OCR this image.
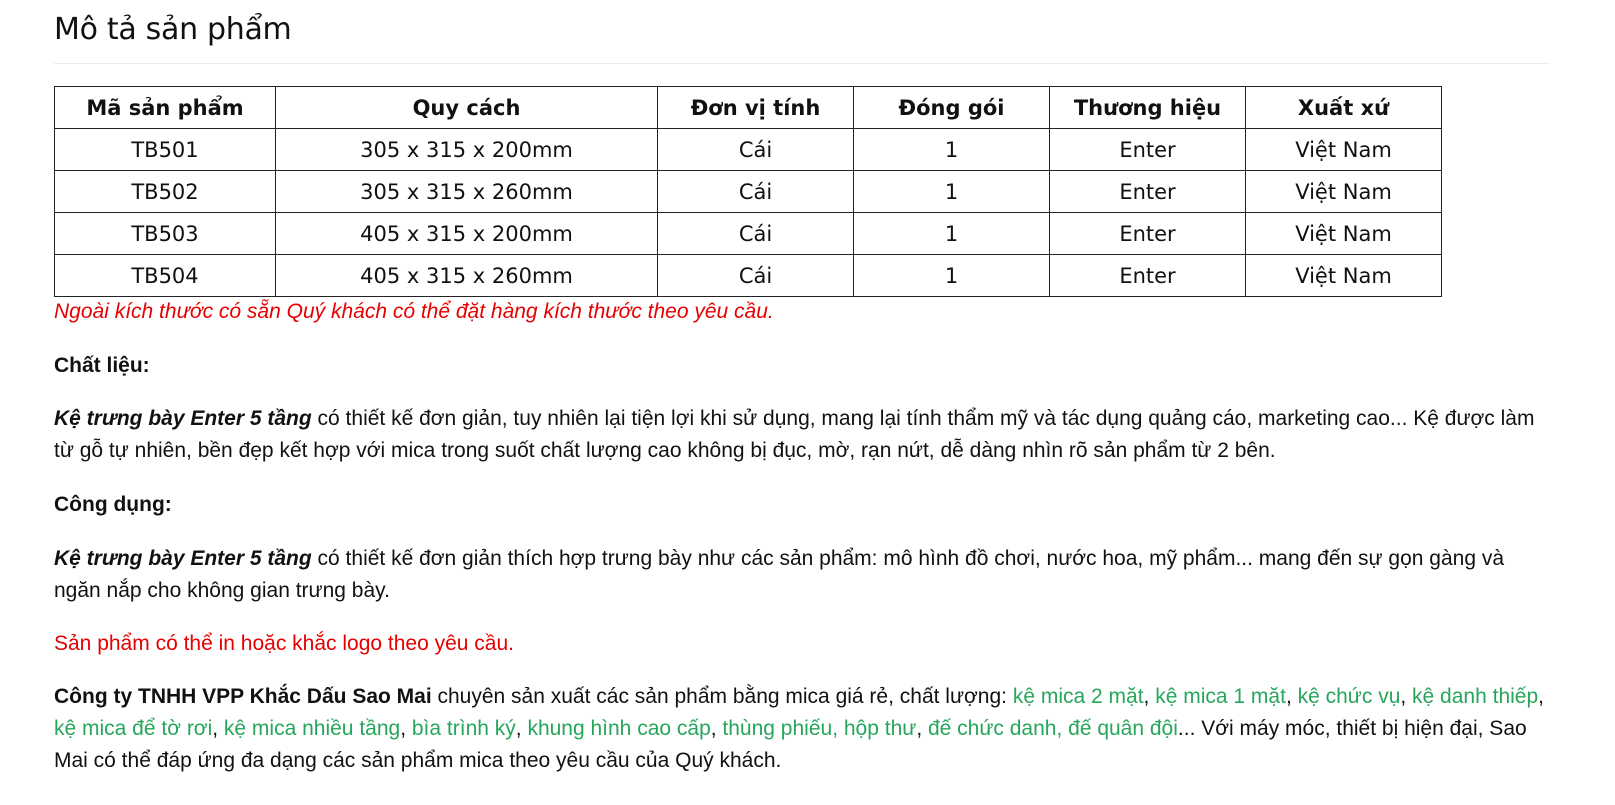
Mô tả sản phẩm
Mã sản phẩm	Quy cách	Đơn vị tính	Đóng gói	Thương hiệu	Xuất xứ
TB501	305 x 315 x 200mm	Cái	1	Enter	Việt Nam
TB502	305 x 315 x 260mm	Cái	1	Enter	Việt Nam
TB503	405 x 315 x 200mm	Cái	1	Enter	Việt Nam
TB504	405 x 315 x 260mm	Cái	1	Enter	Việt Nam
Ngoài kích thước có sẵn Quý khách có thể đặt hàng kích thước theo yêu cầu.
Chất liệu:
Kệ trưng bày Enter 5 tầng có thiết kế đơn giản, tuy nhiên lại tiện lợi khi sử dụng, mang lại tính thẩm mỹ và tác dụng quảng cáo, marketing cao... Kệ được làm từ gỗ tự nhiên, bền đẹp kết hợp với mica trong suốt chất lượng cao không bị đục, mờ, rạn nứt, dễ dàng nhìn rõ sản phẩm từ 2 bên.
Công dụng:
Kệ trưng bày Enter 5 tầng có thiết kế đơn giản thích hợp trưng bày như các sản phẩm: mô hình đồ chơi, nước hoa, mỹ phẩm... mang đến sự gọn gàng và ngăn nắp cho không gian trưng bày.
Sản phẩm có thể in hoặc khắc logo theo yêu cầu.
Công ty TNHH VPP Khắc Dấu Sao Mai chuyên sản xuất các sản phẩm bằng mica giá rẻ, chất lượng: kệ mica 2 mặt, kệ mica 1 mặt, kệ chức vụ, kệ danh thiếp, kệ mica để tờ rơi, kệ mica nhiều tầng, bìa trình ký, khung hình cao cấp, thùng phiếu, hộp thư, đế chức danh, đế quân đội... Với máy móc, thiết bị hiện đại, Sao Mai có thể đáp ứng đa dạng các sản phẩm mica theo yêu cầu của Quý khách.
